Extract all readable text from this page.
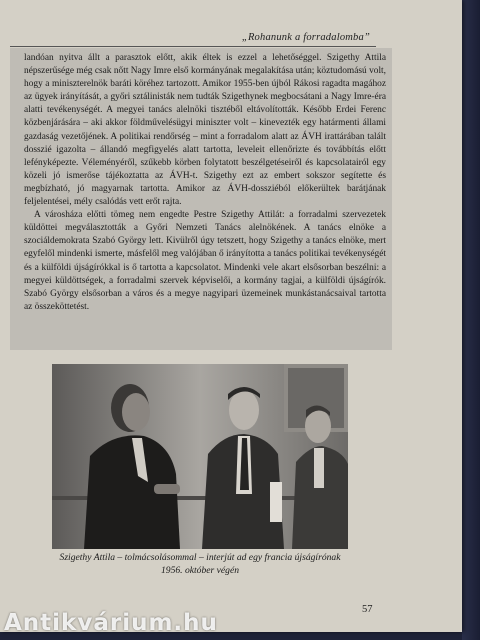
„Rohanunk a forradalomba”

landóan nyitva állt a parasztok előtt, akik éltek is ezzel a lehetőséggel. Szigethy Attila népszerűsége még csak nőtt Nagy Imre első kormányának megalakítása után; köztudomású volt, hogy a miniszterelnök baráti köréhez tartozott. Amikor 1955-ben újból Rákosi ragadta magához az ügyek irányítását, a győri sztálinisták nem tudták Szigethynek megbocsátani a Nagy Imre-éra alatti tevékenységét. A megyei tanács alelnöki tisztéből eltávolították. Később Erdei Ferenc közbenjárására – aki akkor földművelésügyi miniszter volt – kinevezték egy határmenti állami gazdaság vezetőjének. A politikai rendőrség – mint a forradalom alatt az ÁVH irattárában talált dosszié igazolta – állandó megfigyelés alatt tartotta, leveleit ellenőrizte és továbbítás előtt lefényképezte. Véleményéről, szűkebb körben folytatott beszélgetéseiről és kapcsolatairól egy közeli jó ismerőse tájékoztatta az ÁVH-t. Szigethy ezt az embert sokszor segítette és megbízható, jó magyarnak tartotta. Amikor az ÁVH-dossziéból előkerültek barátjának feljelentései, mély csalódás vett erőt rajta.

A városháza előtti tömeg nem engedte Pestre Szigethy Attilát: a forradalmi szervezetek küldöttei megválasztották a Győri Nemzeti Tanács alelnökének. A tanács elnöke a szociáldemokrata Szabó György lett. Kivülről úgy tetszett, hogy Szigethy a tanács elnöke, mert egyfelől mindenki ismerte, másfelől meg valójában ő irányította a tanács politikai tevékenységét és a külföldi újságírókkal is ő tartotta a kapcsolatot. Mindenki vele akart elsősorban beszélni: a megyei küldöttségek, a forradalmi szervek képviselői, a kormány tagjai, a külföldi újságírók. Szabó György elsősorban a város és a megye nagyipari üzemeinek munkástanácsaival tartotta az összeköttetést.

Szigethy Attila – tolmácsolásommal – interjút ad egy francia újságírónak
1956. október végén
57
Antikvárium.hu
